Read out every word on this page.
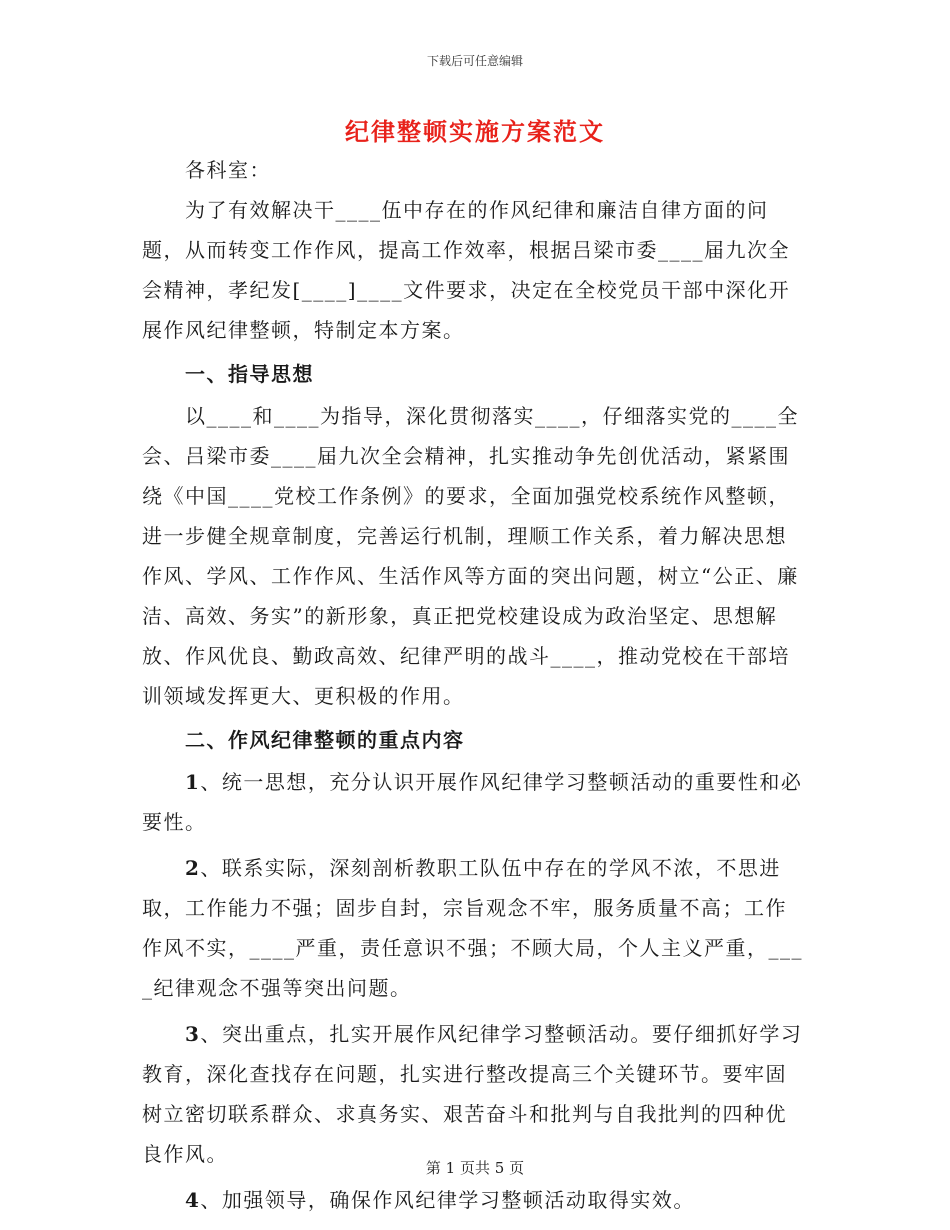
下载后可任意编辑
纪律整顿实施方案范文

各科室：

为了有效解决干____伍中存在的作风纪律和廉洁自律方面的问题，从而转变工作作风，提高工作效率，根据吕梁市委____届九次全会精神，孝纪发[____]____文件要求，决定在全校党员干部中深化开展作风纪律整顿，特制定本方案。

一、指导思想

以____和____为指导，深化贯彻落实____，仔细落实党的____全会、吕梁市委____届九次全会精神，扎实推动争先创优活动，紧紧围绕《中国____党校工作条例》的要求，全面加强党校系统作风整顿，进一步健全规章制度，完善运行机制，理顺工作关系，着力解决思想作风、学风、工作作风、生活作风等方面的突出问题，树立“公正、廉洁、高效、务实”的新形象，真正把党校建设成为政治坚定、思想解放、作风优良、勤政高效、纪律严明的战斗____，推动党校在干部培训领域发挥更大、更积极的作用。

二、作风纪律整顿的重点内容

1、统一思想，充分认识开展作风纪律学习整顿活动的重要性和必要性。

2、联系实际，深刻剖析教职工队伍中存在的学风不浓，不思进取，工作能力不强；固步自封，宗旨观念不牢，服务质量不高；工作作风不实，____严重，责任意识不强；不顾大局，个人主义严重，____纪律观念不强等突出问题。

3、突出重点，扎实开展作风纪律学习整顿活动。要仔细抓好学习教育，深化查找存在问题，扎实进行整改提高三个关键环节。要牢固树立密切联系群众、求真务实、艰苦奋斗和批判与自我批判的四种优良作风。

4、加强领导，确保作风纪律学习整顿活动取得实效。

第 1 页共 5 页
